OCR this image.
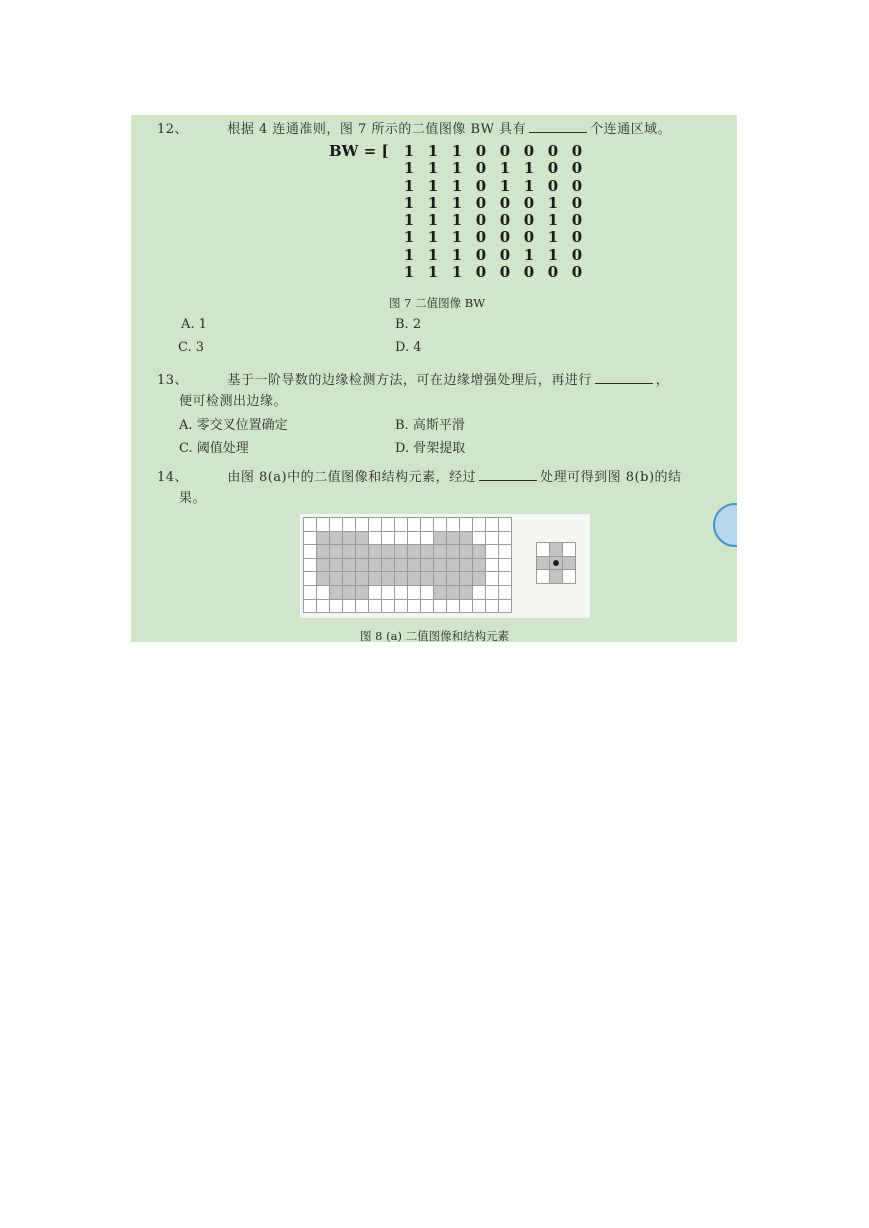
12、	根据 4 连通准则，图 7 所示的二值图像 BW 具有	个连通区域。
BW = [	1 1 1 0 0 0 0 0
1 1 1 0 1 1 0 0
1 1 1 0 1 1 0 0
1 1 1 0 0 0 1 0
1 1 1 0 0 0 1 0
1 1 1 0 0 0 1 0
1 1 1 0 0 1 1 0
1 1 1 0 0 0 0 0
图 7 二值图像 BW
A. 1	B. 2
C. 3	D. 4
13、	基于一阶导数的边缘检测方法，可在边缘增强处理后，再进行	，
便可检测出边缘。
A. 零交叉位置确定	B. 高斯平滑
C. 阈值处理	D. 骨架提取
14、	由图 8(a)中的二值图像和结构元素，经过	处理可得到图 8(b)的结
果。
图 8 (a) 二值图像和结构元素
